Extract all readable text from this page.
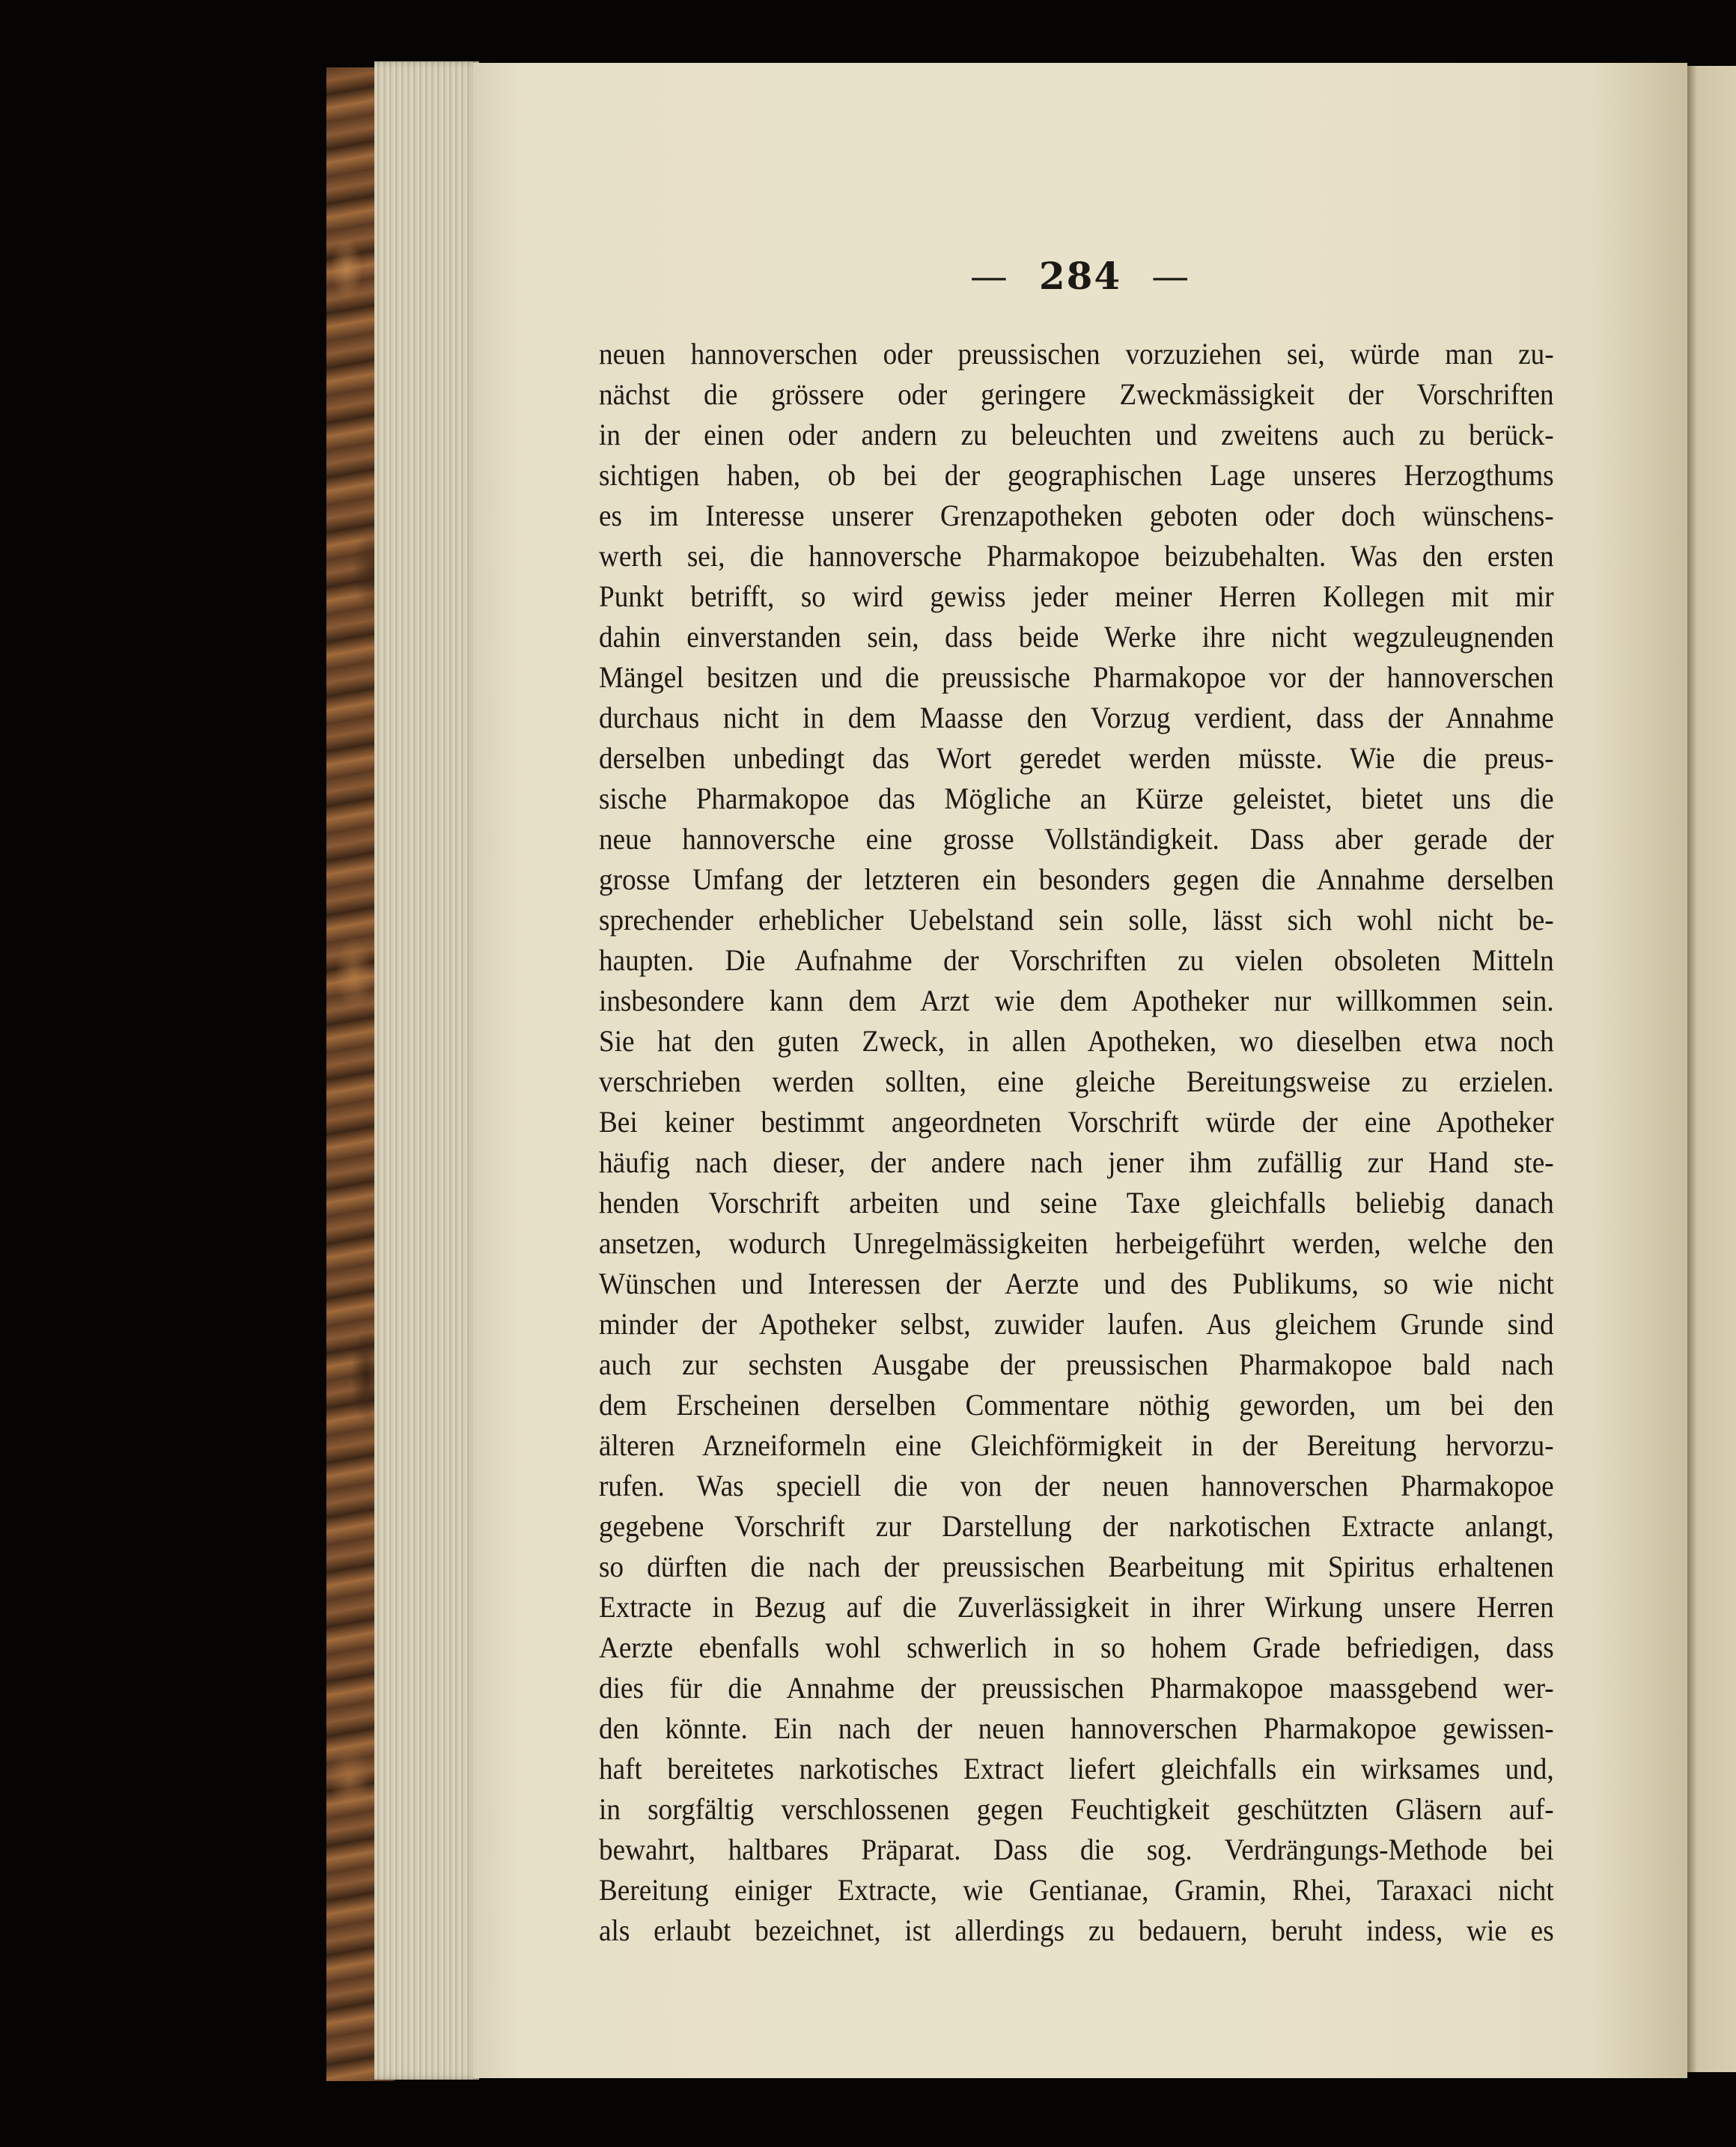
— 284 —
neuen hannoverschen oder preussischen vorzuziehen sei, würde man zu-
nächst die grössere oder geringere Zweckmässigkeit der Vorschriften
in der einen oder andern zu beleuchten und zweitens auch zu berück-
sichtigen haben, ob bei der geographischen Lage unseres Herzogthums
es im Interesse unserer Grenzapotheken geboten oder doch wünschens-
werth sei, die hannoversche Pharmakopoe beizubehalten. Was den ersten
Punkt betrifft, so wird gewiss jeder meiner Herren Kollegen mit mir
dahin einverstanden sein, dass beide Werke ihre nicht wegzuleugnenden
Mängel besitzen und die preussische Pharmakopoe vor der hannoverschen
durchaus nicht in dem Maasse den Vorzug verdient, dass der Annahme
derselben unbedingt das Wort geredet werden müsste. Wie die preus-
sische Pharmakopoe das Mögliche an Kürze geleistet, bietet uns die
neue hannoversche eine grosse Vollständigkeit. Dass aber gerade der
grosse Umfang der letzteren ein besonders gegen die Annahme derselben
sprechender erheblicher Uebelstand sein solle, lässt sich wohl nicht be-
haupten. Die Aufnahme der Vorschriften zu vielen obsoleten Mitteln
insbesondere kann dem Arzt wie dem Apotheker nur willkommen sein.
Sie hat den guten Zweck, in allen Apotheken, wo dieselben etwa noch
verschrieben werden sollten, eine gleiche Bereitungsweise zu erzielen.
Bei keiner bestimmt angeordneten Vorschrift würde der eine Apotheker
häufig nach dieser, der andere nach jener ihm zufällig zur Hand ste-
henden Vorschrift arbeiten und seine Taxe gleichfalls beliebig danach
ansetzen, wodurch Unregelmässigkeiten herbeigeführt werden, welche den
Wünschen und Interessen der Aerzte und des Publikums, so wie nicht
minder der Apotheker selbst, zuwider laufen. Aus gleichem Grunde sind
auch zur sechsten Ausgabe der preussischen Pharmakopoe bald nach
dem Erscheinen derselben Commentare nöthig geworden, um bei den
älteren Arzneiformeln eine Gleichförmigkeit in der Bereitung hervorzu-
rufen. Was speciell die von der neuen hannoverschen Pharmakopoe
gegebene Vorschrift zur Darstellung der narkotischen Extracte anlangt,
so dürften die nach der preussischen Bearbeitung mit Spiritus erhaltenen
Extracte in Bezug auf die Zuverlässigkeit in ihrer Wirkung unsere Herren
Aerzte ebenfalls wohl schwerlich in so hohem Grade befriedigen, dass
dies für die Annahme der preussischen Pharmakopoe maassgebend wer-
den könnte. Ein nach der neuen hannoverschen Pharmakopoe gewissen-
haft bereitetes narkotisches Extract liefert gleichfalls ein wirksames und,
in sorgfältig verschlossenen gegen Feuchtigkeit geschützten Gläsern auf-
bewahrt, haltbares Präparat. Dass die sog. Verdrängungs-Methode bei
Bereitung einiger Extracte, wie Gentianae, Gramin, Rhei, Taraxaci nicht
als erlaubt bezeichnet, ist allerdings zu bedauern, beruht indess, wie es
